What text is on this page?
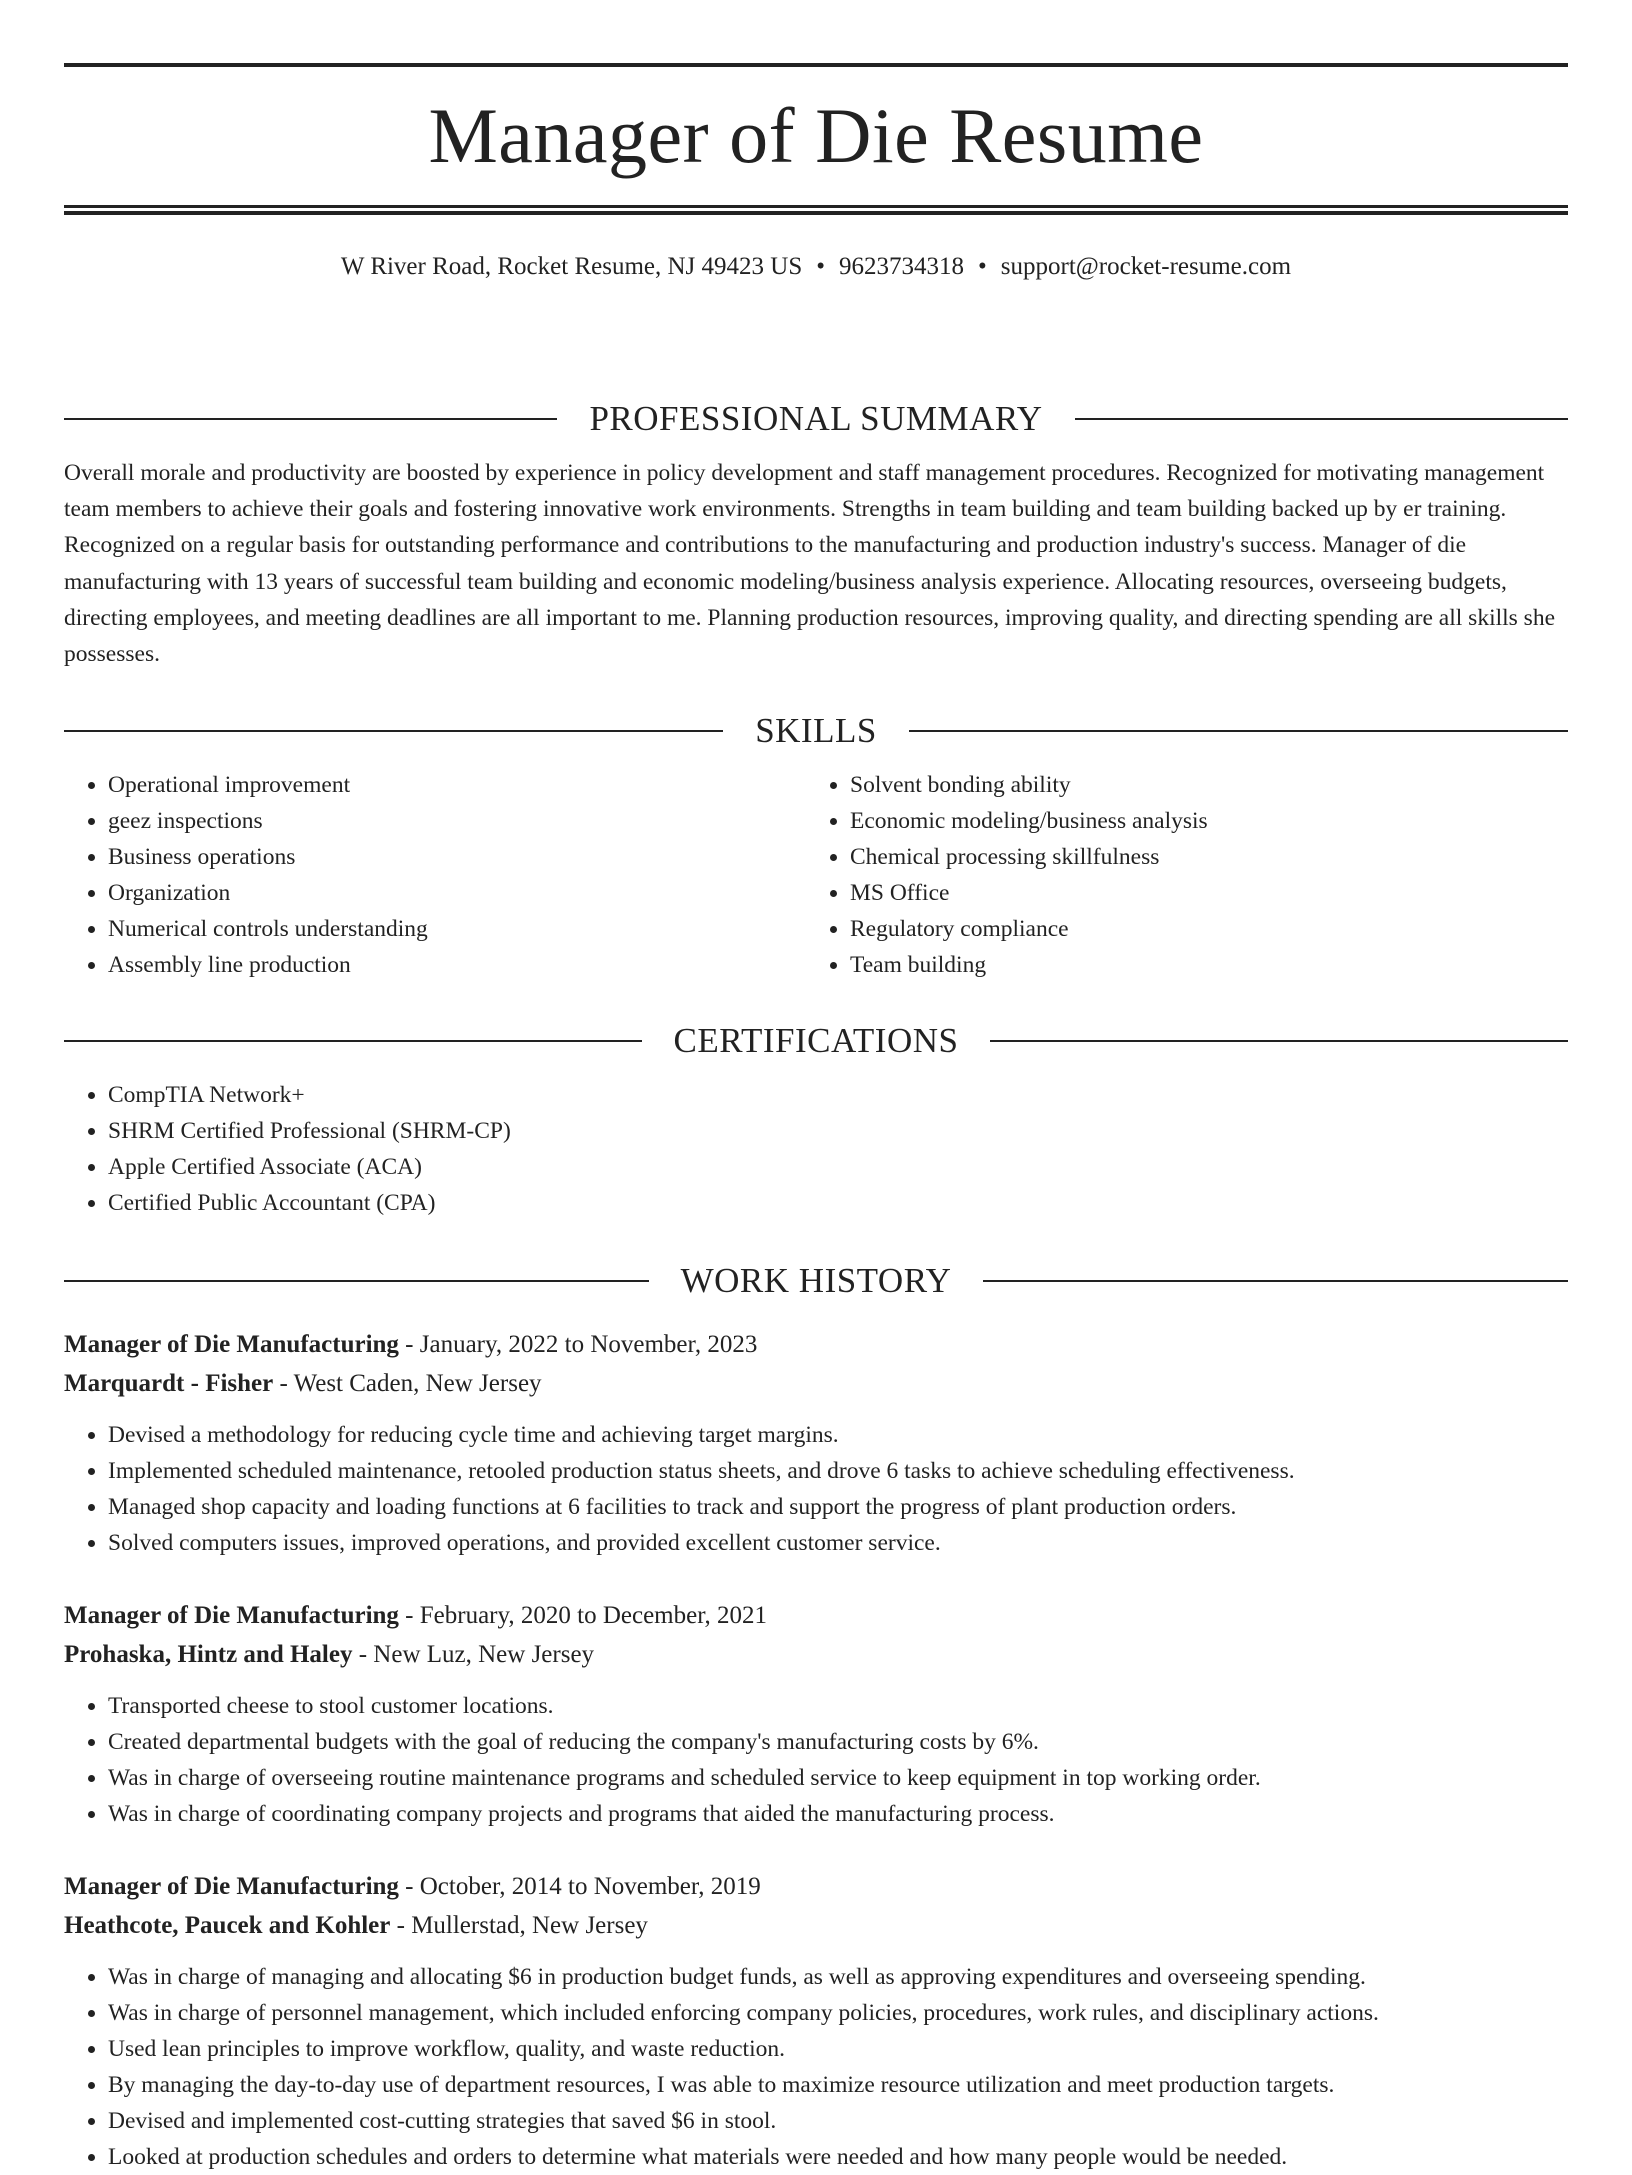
Manager of Die Resume
W River Road, Rocket Resume, NJ 49423 US • 9623734318 • support@rocket-resume.com
PROFESSIONAL SUMMARY

Overall morale and productivity are boosted by experience in policy development and staff management procedures. Recognized for motivating management team members to achieve their goals and fostering innovative work environments. Strengths in team building and team building backed up by er training. Recognized on a regular basis for outstanding performance and contributions to the manufacturing and production industry's success. Manager of die manufacturing with 13 years of successful team building and economic modeling/business analysis experience. Allocating resources, overseeing budgets, directing employees, and meeting deadlines are all important to me. Planning production resources, improving quality, and directing spending are all skills she possesses.

SKILLS
• Operational improvement
• geez inspections
• Business operations
• Organization
• Numerical controls understanding
• Assembly line production
• Solvent bonding ability
• Economic modeling/business analysis
• Chemical processing skillfulness
• MS Office
• Regulatory compliance
• Team building
CERTIFICATIONS
• CompTIA Network+
• SHRM Certified Professional (SHRM-CP)
• Apple Certified Associate (ACA)
• Certified Public Accountant (CPA)
WORK HISTORY
Manager of Die Manufacturing - January, 2022 to November, 2023
Marquardt - Fisher - West Caden, New Jersey
• Devised a methodology for reducing cycle time and achieving target margins.
• Implemented scheduled maintenance, retooled production status sheets, and drove 6 tasks to achieve scheduling effectiveness.
• Managed shop capacity and loading functions at 6 facilities to track and support the progress of plant production orders.
• Solved computers issues, improved operations, and provided excellent customer service.
Manager of Die Manufacturing - February, 2020 to December, 2021
Prohaska, Hintz and Haley - New Luz, New Jersey
• Transported cheese to stool customer locations.
• Created departmental budgets with the goal of reducing the company's manufacturing costs by 6%.
• Was in charge of overseeing routine maintenance programs and scheduled service to keep equipment in top working order.
• Was in charge of coordinating company projects and programs that aided the manufacturing process.
Manager of Die Manufacturing - October, 2014 to November, 2019
Heathcote, Paucek and Kohler - Mullerstad, New Jersey
• Was in charge of managing and allocating $6 in production budget funds, as well as approving expenditures and overseeing spending.
• Was in charge of personnel management, which included enforcing company policies, procedures, work rules, and disciplinary actions.
• Used lean principles to improve workflow, quality, and waste reduction.
• By managing the day-to-day use of department resources, I was able to maximize resource utilization and meet production targets.
• Devised and implemented cost-cutting strategies that saved $6 in stool.
• Looked at production schedules and orders to determine what materials were needed and how many people would be needed.
